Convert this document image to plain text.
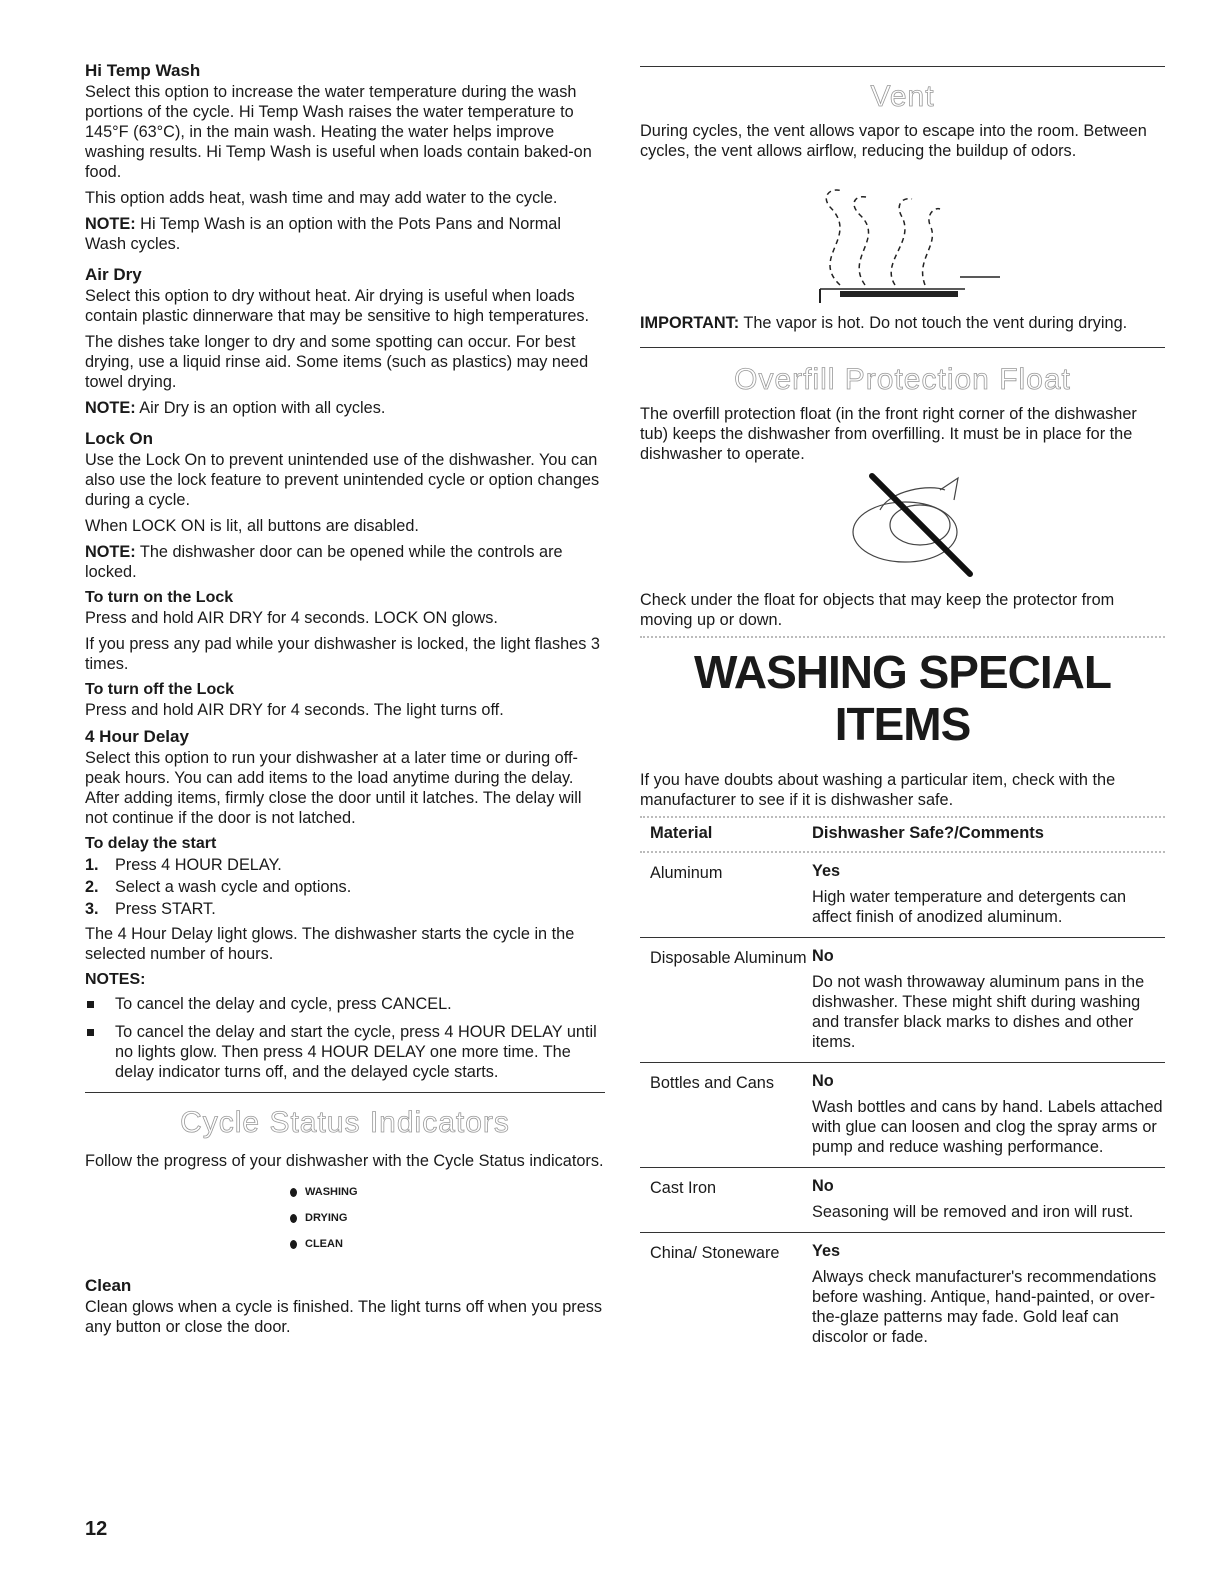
Hi Temp Wash

Select this option to increase the water temperature during the wash portions of the cycle. Hi Temp Wash raises the water temperature to 145°F (63°C), in the main wash. Heating the water helps improve washing results. Hi Temp Wash is useful when loads contain baked-on food.

This option adds heat, wash time and may add water to the cycle.

NOTE: Hi Temp Wash is an option with the Pots Pans and Normal Wash cycles.

Air Dry

Select this option to dry without heat. Air drying is useful when loads contain plastic dinnerware that may be sensitive to high temperatures.

The dishes take longer to dry and some spotting can occur. For best drying, use a liquid rinse aid. Some items (such as plastics) may need towel drying.

NOTE: Air Dry is an option with all cycles.

Lock On

Use the Lock On to prevent unintended use of the dishwasher. You can also use the lock feature to prevent unintended cycle or option changes during a cycle.

When LOCK ON is lit, all buttons are disabled.

NOTE: The dishwasher door can be opened while the controls are locked.

To turn on the Lock

Press and hold AIR DRY for 4 seconds. LOCK ON glows.

If you press any pad while your dishwasher is locked, the light flashes 3 times.

To turn off the Lock

Press and hold AIR DRY for 4 seconds. The light turns off.

4 Hour Delay

Select this option to run your dishwasher at a later time or during off-peak hours. You can add items to the load anytime during the delay. After adding items, firmly close the door until it latches. The delay will not continue if the door is not latched.

To delay the start
1. Press 4 HOUR DELAY.
2. Select a wash cycle and options.
3. Press START.

The 4 Hour Delay light glows. The dishwasher starts the cycle in the selected number of hours.

NOTES:
To cancel the delay and cycle, press CANCEL.
To cancel the delay and start the cycle, press 4 HOUR DELAY until no lights glow. Then press 4 HOUR DELAY one more time. The delay indicator turns off, and the delayed cycle starts.
Cycle Status Indicators

Follow the progress of your dishwasher with the Cycle Status indicators.

WASHING
DRYING
CLEAN
Clean

Clean glows when a cycle is finished. The light turns off when you press any button or close the door.

12
Vent

During cycles, the vent allows vapor to escape into the room. Between cycles, the vent allows airflow, reducing the buildup of odors.

IMPORTANT: The vapor is hot. Do not touch the vent during drying.

Overfill Protection Float

The overfill protection float (in the front right corner of the dishwasher tub) keeps the dishwasher from overfilling. It must be in place for the dishwasher to operate.

Check under the float for objects that may keep the protector from moving up or down.

WASHING SPECIAL
ITEMS

If you have doubts about washing a particular item, check with the manufacturer to see if it is dishwasher safe.

Material	Dishwasher Safe?/Comments
Aluminum	Yes
High water temperature and detergents can affect finish of anodized aluminum.
Disposable Aluminum No
Do not wash throwaway aluminum pans in the dishwasher. These might shift during washing and transfer black marks to dishes and other items.
Bottles and Cans	No
Wash bottles and cans by hand. Labels attached with glue can loosen and clog the spray arms or pump and reduce washing performance.
Cast Iron	No
Seasoning will be removed and iron will rust.
China/ Stoneware Yes
Always check manufacturer's recommendations before washing. Antique, hand-painted, or over-the-glaze patterns may fade. Gold leaf can discolor or fade.
